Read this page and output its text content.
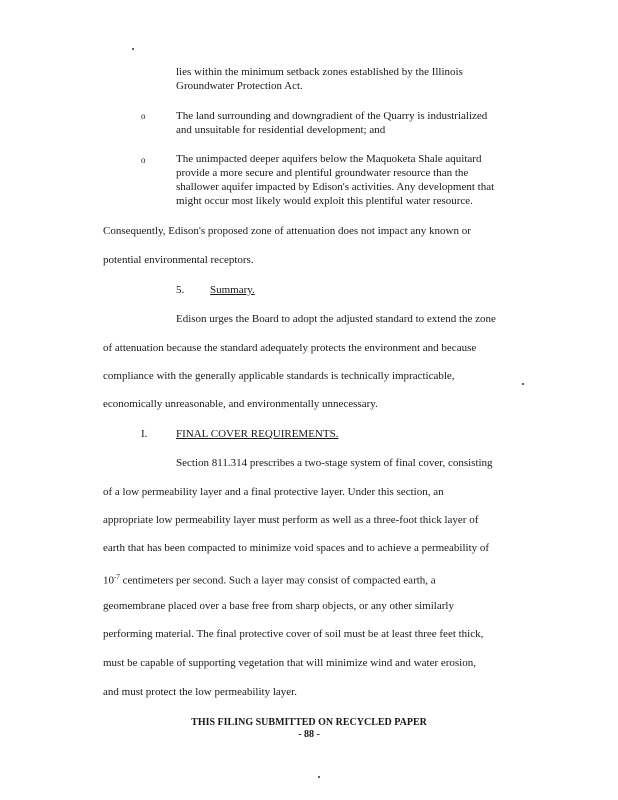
lies within the minimum setback zones established by the Illinois
Groundwater Protection Act.
o	The land surrounding and downgradient of the Quarry is industrialized
and unsuitable for residential development; and
o	The unimpacted deeper aquifers below the Maquoketa Shale aquitard
provide a more secure and plentiful groundwater resource than the
shallower aquifer impacted by Edison's activities. Any development that
might occur most likely would exploit this plentiful water resource.
Consequently, Edison's proposed zone of attenuation does not impact any known or
potential environmental receptors.
5. Summary.
Edison urges the Board to adopt the adjusted standard to extend the zone
of attenuation because the standard adequately protects the environment and because
compliance with the generally applicable standards is technically impracticable,
economically unreasonable, and environmentally unnecessary.
I.	FINAL COVER REQUIREMENTS.
Section 811.314 prescribes a two-stage system of final cover, consisting
of a low permeability layer and a final protective layer. Under this section, an
appropriate low permeability layer must perform as well as a three-foot thick layer of
earth that has been compacted to minimize void spaces and to achieve a permeability of
$10^{-7}$ centimeters per second. Such a layer may consist of compacted earth, a
geomembrane placed over a base free from sharp objects, or any other similarly
performing material. The final protective cover of soil must be at least three feet thick,
must be capable of supporting vegetation that will minimize wind and water erosion,
and must protect the low permeability layer.
THIS FILING SUBMITTED ON RECYCLED PAPER
- 88 -
